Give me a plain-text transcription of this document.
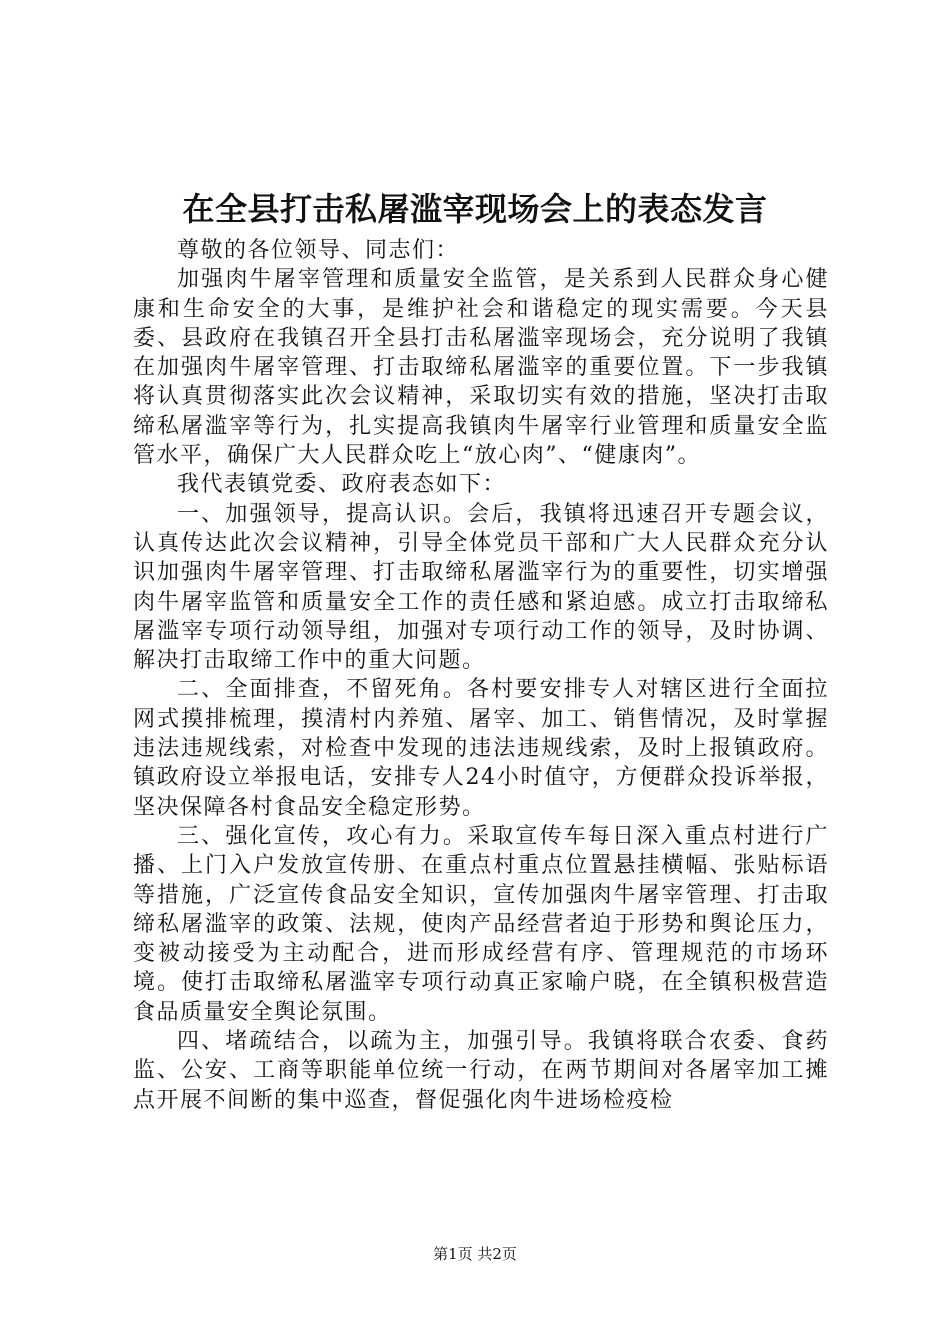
在全县打击私屠滥宰现场会上的表态发言

尊敬的各位领导、同志们：

加强肉牛屠宰管理和质量安全监管，是关系到人民群众身心健康和生命安全的大事，是维护社会和谐稳定的现实需要。今天县委、县政府在我镇召开全县打击私屠滥宰现场会，充分说明了我镇在加强肉牛屠宰管理、打击取缔私屠滥宰的重要位置。下一步我镇将认真贯彻落实此次会议精神，采取切实有效的措施，坚决打击取缔私屠滥宰等行为，扎实提高我镇肉牛屠宰行业管理和质量安全监管水平，确保广大人民群众吃上“放心肉”、“健康肉”。

我代表镇党委、政府表态如下：

一、加强领导，提高认识。会后，我镇将迅速召开专题会议，认真传达此次会议精神，引导全体党员干部和广大人民群众充分认识加强肉牛屠宰管理、打击取缔私屠滥宰行为的重要性，切实增强肉牛屠宰监管和质量安全工作的责任感和紧迫感。成立打击取缔私屠滥宰专项行动领导组，加强对专项行动工作的领导，及时协调、解决打击取缔工作中的重大问题。

二、全面排查，不留死角。各村要安排专人对辖区进行全面拉网式摸排梳理，摸清村内养殖、屠宰、加工、销售情况，及时掌握违法违规线索，对检查中发现的违法违规线索，及时上报镇政府。镇政府设立举报电话，安排专人24小时值守，方便群众投诉举报，坚决保障各村食品安全稳定形势。

三、强化宣传，攻心有力。采取宣传车每日深入重点村进行广播、上门入户发放宣传册、在重点村重点位置悬挂横幅、张贴标语等措施，广泛宣传食品安全知识，宣传加强肉牛屠宰管理、打击取缔私屠滥宰的政策、法规，使肉产品经营者迫于形势和舆论压力，变被动接受为主动配合，进而形成经营有序、管理规范的市场环境。使打击取缔私屠滥宰专项行动真正家喻户晓，在全镇积极营造食品质量安全舆论氛围。

四、堵疏结合，以疏为主，加强引导。我镇将联合农委、食药监、公安、工商等职能单位统一行动，在两节期间对各屠宰加工摊点开展不间断的集中巡查，督促强化肉牛进场检疫检

第1页 共2页
